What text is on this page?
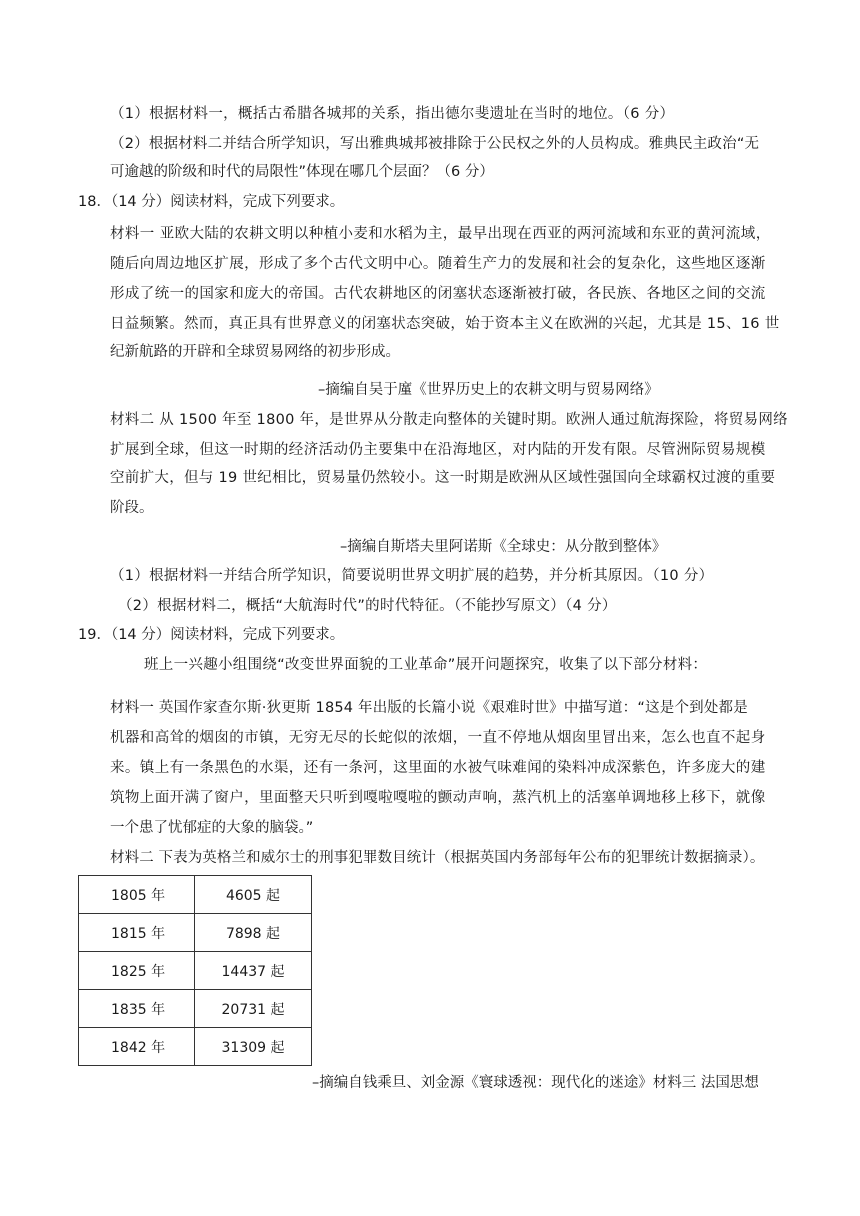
（1）根据材料一，概括古希腊各城邦的关系，指出德尔斐遗址在当时的地位。（6 分）
（2）根据材料二并结合所学知识，写出雅典城邦被排除于公民权之外的人员构成。雅典民主政治“无
可逾越的阶级和时代的局限性”体现在哪几个层面？（6 分）
18．（14 分）阅读材料，完成下列要求。
材料一 亚欧大陆的农耕文明以种植小麦和水稻为主，最早出现在西亚的两河流域和东亚的黄河流域，
随后向周边地区扩展，形成了多个古代文明中心。随着生产力的发展和社会的复杂化，这些地区逐渐
形成了统一的国家和庞大的帝国。古代农耕地区的闭塞状态逐渐被打破，各民族、各地区之间的交流
日益频繁。然而，真正具有世界意义的闭塞状态突破，始于资本主义在欧洲的兴起，尤其是 15、16 世
纪新航路的开辟和全球贸易网络的初步形成。
–摘编自吴于廑《世界历史上的农耕文明与贸易网络》
材料二 从 1500 年至 1800 年，是世界从分散走向整体的关键时期。欧洲人通过航海探险，将贸易网络
扩展到全球，但这一时期的经济活动仍主要集中在沿海地区，对内陆的开发有限。尽管洲际贸易规模
空前扩大，但与 19 世纪相比，贸易量仍然较小。这一时期是欧洲从区域性强国向全球霸权过渡的重要
阶段。
–摘编自斯塔夫里阿诺斯《全球史：从分散到整体》
（1）根据材料一并结合所学知识，简要说明世界文明扩展的趋势，并分析其原因。（10 分）
（2）根据材料二，概括“大航海时代”的时代特征。（不能抄写原文）（4 分）
19．（14 分）阅读材料，完成下列要求。
班上一兴趣小组围绕“改变世界面貌的工业革命”展开问题探究，收集了以下部分材料：
材料一 英国作家查尔斯·狄更斯 1854 年出版的长篇小说《艰难时世》中描写道：“这是个到处都是
机器和高耸的烟囱的市镇，无穷无尽的长蛇似的浓烟，一直不停地从烟囱里冒出来，怎么也直不起身
来。镇上有一条黑色的水渠，还有一条河，这里面的水被气味难闻的染料冲成深紫色，许多庞大的建
筑物上面开满了窗户，里面整天只听到嘎啦嘎啦的颤动声响，蒸汽机上的活塞单调地移上移下，就像
一个患了忧郁症的大象的脑袋。”
材料二 下表为英格兰和威尔士的刑事犯罪数目统计（根据英国内务部每年公布的犯罪统计数据摘录）。
1805 年	4605 起
1815 年	7898 起
1825 年	14437 起
1835 年	20731 起
1842 年	31309 起
–摘编自钱乘旦、刘金源《寰球透视：现代化的迷途》材料三 法国思想
